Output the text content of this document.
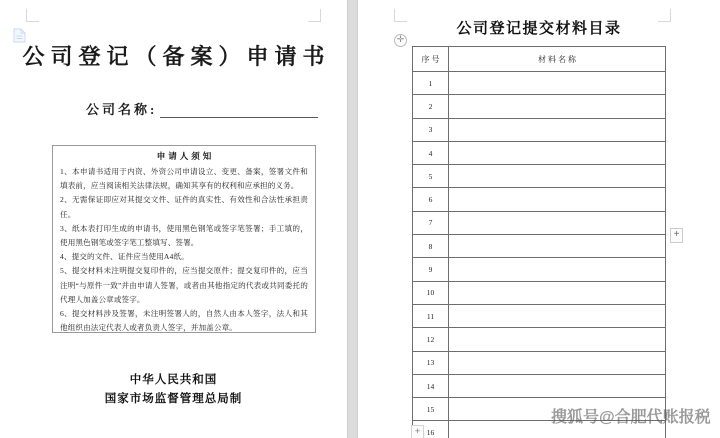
公司登记（备案）申请书
公司名称:
申请人须知

1、本申请书适用于内资、外资公司申请设立、变更、备案，签署文件和填表前，应当阅读相关法律法规，确知其享有的权利和应承担的义务。

2、无需保证即应对其提交文件、证件的真实性、有效性和合法性承担责任。

3、纸本表打印生成的申请书，使用黑色钢笔或签字笔签署；手工填的，使用黑色钢笔或签字笔工整填写、签署。

4、提交的文件、证件应当使用A4纸。

5、提交材料未注明提交复印件的，应当提交原件；提交复印件的，应当注明“与原件一致”并由申请人签署，或者由其他指定的代表或共同委托的代理人加盖公章或签字。

6、提交材料涉及签署，未注明签署人的，自然人由本人签字，法人和其他组织由法定代表人或者负责人签字，并加盖公章。

中华人民共和国
国家市场监督管理总局制
公司登记提交材料目录
✛
序号	材料名称
1	
2	
3	
4	
5	
6	
7	
8	
9	
10	
11	
12	
13	
14	
15	
16	
+
+
搜狐号@合肥代账报税
